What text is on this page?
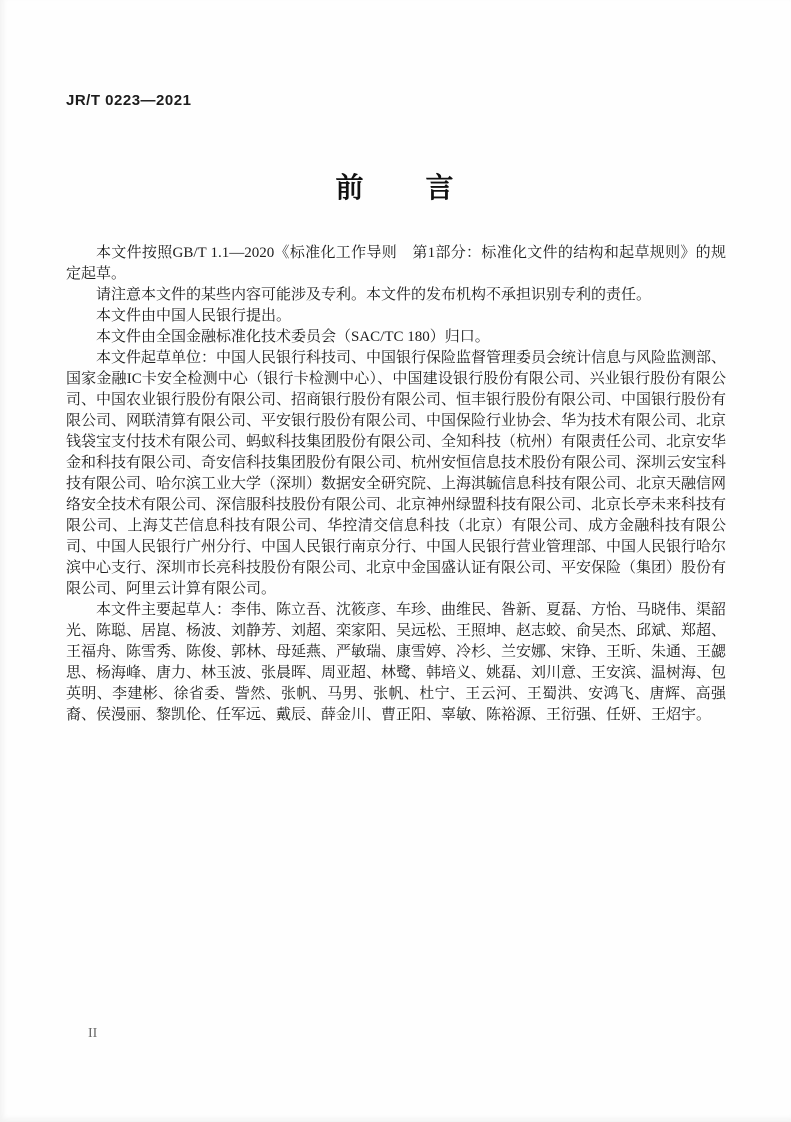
JR/T 0223—2021
前　　言

本文件按照GB/T 1.1—2020《标准化工作导则　第1部分：标准化文件的结构和起草规则》的规定起草。

请注意本文件的某些内容可能涉及专利。本文件的发布机构不承担识别专利的责任。

本文件由中国人民银行提出。

本文件由全国金融标准化技术委员会（SAC/TC 180）归口。

本文件起草单位：中国人民银行科技司、中国银行保险监督管理委员会统计信息与风险监测部、国家金融IC卡安全检测中心（银行卡检测中心）、中国建设银行股份有限公司、兴业银行股份有限公司、中国农业银行股份有限公司、招商银行股份有限公司、恒丰银行股份有限公司、中国银行股份有限公司、网联清算有限公司、平安银行股份有限公司、中国保险行业协会、华为技术有限公司、北京钱袋宝支付技术有限公司、蚂蚁科技集团股份有限公司、全知科技（杭州）有限责任公司、北京安华金和科技有限公司、奇安信科技集团股份有限公司、杭州安恒信息技术股份有限公司、深圳云安宝科技有限公司、哈尔滨工业大学（深圳）数据安全研究院、上海淇毓信息科技有限公司、北京天融信网络安全技术有限公司、深信服科技股份有限公司、北京神州绿盟科技有限公司、北京长亭未来科技有限公司、上海艾芒信息科技有限公司、华控清交信息科技（北京）有限公司、成方金融科技有限公司、中国人民银行广州分行、中国人民银行南京分行、中国人民银行营业管理部、中国人民银行哈尔滨中心支行、深圳市长亮科技股份有限公司、北京中金国盛认证有限公司、平安保险（集团）股份有限公司、阿里云计算有限公司。

本文件主要起草人：李伟、陈立吾、沈筱彦、车珍、曲维民、昝新、夏磊、方怡、马晓伟、渠韶光、陈聪、居崑、杨波、刘静芳、刘超、栾家阳、吴远松、王照坤、赵志蛟、俞吴杰、邱斌、郑超、王福舟、陈雪秀、陈俊、郭林、母延燕、严敏瑞、康雪婷、冷杉、兰安娜、宋铮、王昕、朱通、王勰思、杨海峰、唐力、林玉波、张晨晖、周亚超、林鹭、韩培义、姚磊、刘川意、王安滨、温树海、包英明、李建彬、徐省委、訾然、张帆、马男、张帆、杜宁、王云河、王蜀洪、安鸿飞、唐辉、高强裔、侯漫丽、黎凯伦、任军远、戴辰、薛金川、曹正阳、辜敏、陈裕源、王衍强、任妍、王炤宇。

II
